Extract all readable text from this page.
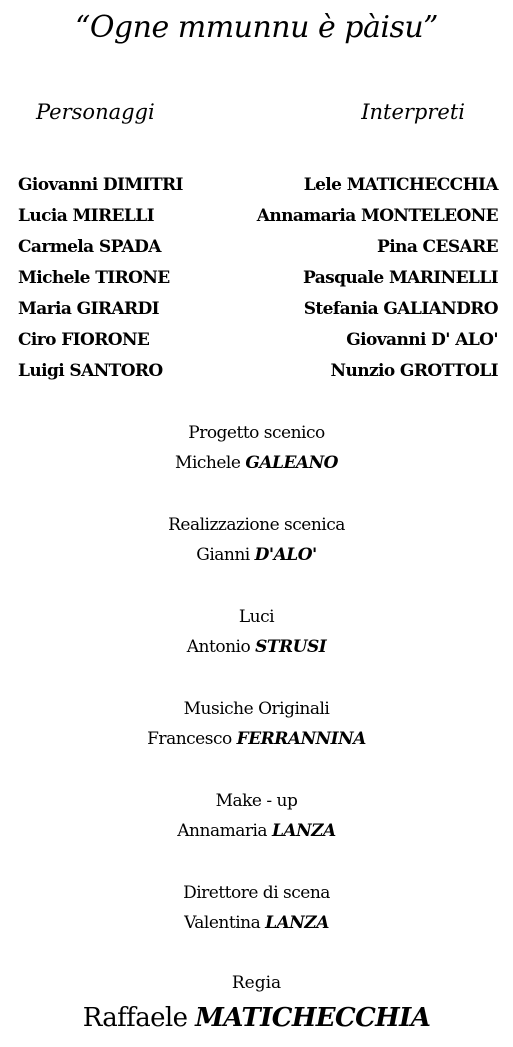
“Ogne mmunnu è pàisu”
Personaggi	Interpreti
Giovanni DIMITRI	Lele MATICHECCHIA
Lucia MIRELLI	Annamaria MONTELEONE
Carmela SPADA	Pina CESARE
Michele TIRONE	Pasquale MARINELLI
Maria GIRARDI	Stefania GALIANDRO
Ciro FIORONE	Giovanni D' ALO'
Luigi SANTORO	Nunzio GROTTOLI
Progetto scenico
Michele GALEANO
Realizzazione scenica
Gianni D'ALO'
Luci
Antonio STRUSI
Musiche Originali
Francesco FERRANNINA
Make - up
Annamaria LANZA
Direttore di scena
Valentina LANZA
Regia
Raffaele MATICHECCHIA
